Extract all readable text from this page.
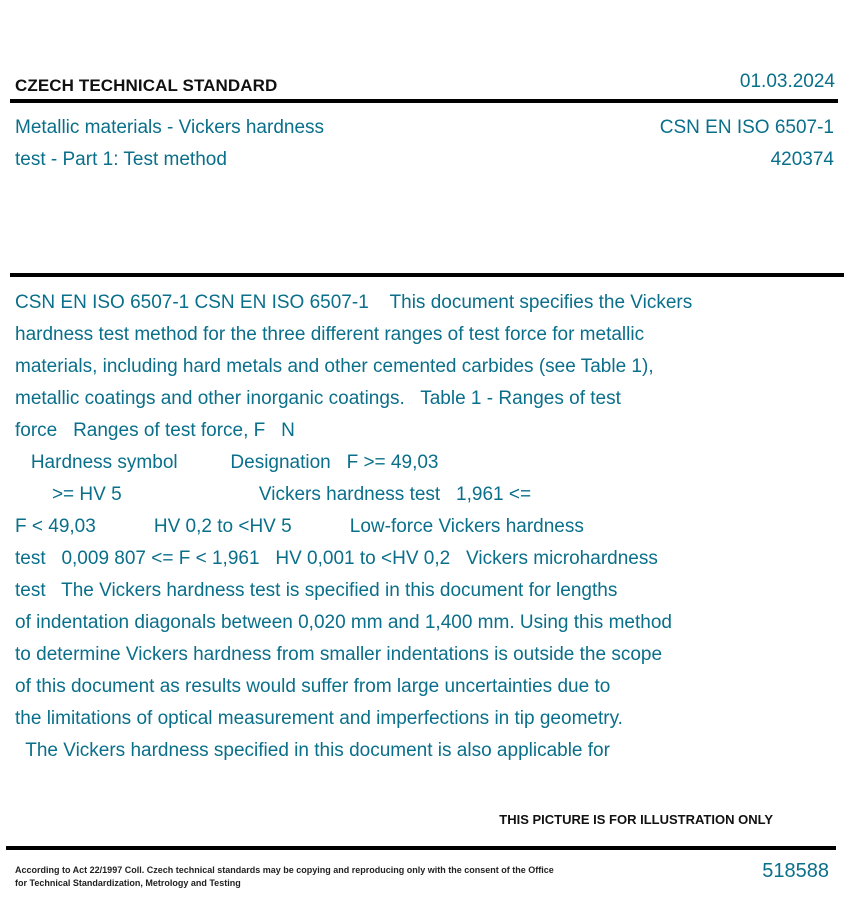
CZECH TECHNICAL STANDARD	01.03.2024
Metallic materials - Vickers hardness
test - Part 1: Test method
CSN EN ISO 6507-1
420374
CSN EN ISO 6507-1 CSN EN ISO 6507-1    This document specifies the Vickers
hardness test method for the three different ranges of test force for metallic
materials, including hard metals and other cemented carbides (see Table 1),
metallic coatings and other inorganic coatings.   Table 1 - Ranges of test
force   Ranges of test force, F   N
Hardness symbol          Designation   F >= 49,03
>= HV 5                          Vickers hardness test   1,961 <=
F < 49,03           HV 0,2 to <HV 5           Low-force Vickers hardness
test   0,009 807 <= F < 1,961   HV 0,001 to <HV 0,2   Vickers microhardness
test   The Vickers hardness test is specified in this document for lengths
of indentation diagonals between 0,020 mm and 1,400 mm. Using this method
to determine Vickers hardness from smaller indentations is outside the scope
of this document as results would suffer from large uncertainties due to
the limitations of optical measurement and imperfections in tip geometry.
The Vickers hardness specified in this document is also applicable for
THIS PICTURE IS FOR ILLUSTRATION ONLY
According to Act 22/1997 Coll. Czech technical standards may be copying and reproducing only with the consent of the Office
for Technical Standardization, Metrology and Testing
518588
